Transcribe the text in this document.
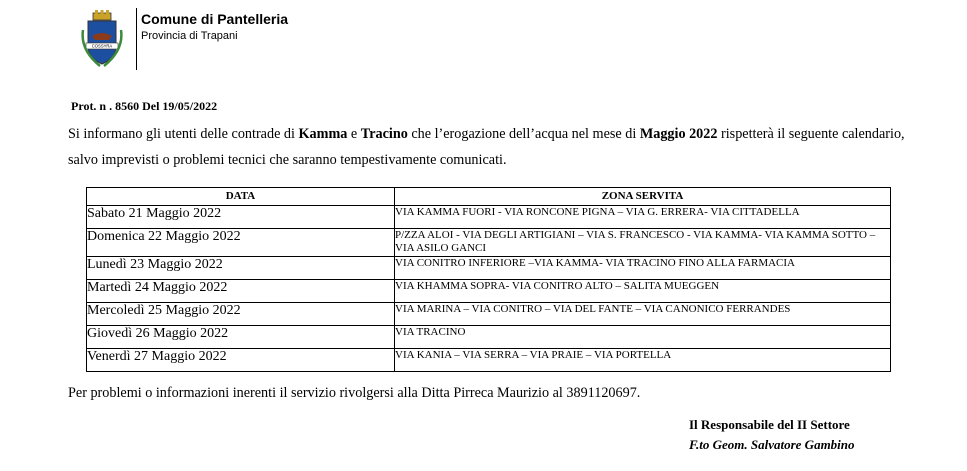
COSSYRA
Comune di Pantelleria
Provincia di Trapani
Prot. n . 8560 Del 19/05/2022
Si informano gli utenti delle contrade di Kamma e Tracino che l’erogazione dell’acqua nel mese di Maggio 2022 rispetterà il seguente calendario, salvo imprevisti o problemi tecnici che saranno tempestivamente comunicati.
DATA	ZONA SERVITA
Sabato 21 Maggio 2022	VIA KAMMA FUORI - VIA RONCONE PIGNA – VIA G. ERRERA- VIA CITTADELLA
Domenica 22 Maggio 2022	P/ZZA ALOI - VIA DEGLI ARTIGIANI – VIA S. FRANCESCO - VIA KAMMA- VIA KAMMA SOTTO – VIA ASILO GANCI
Lunedì 23 Maggio 2022	VIA CONITRO INFERIORE –VIA KAMMA- VIA TRACINO FINO ALLA FARMACIA
Martedì 24 Maggio 2022	VIA KHAMMA SOPRA- VIA CONITRO ALTO – SALITA MUEGGEN
Mercoledì 25 Maggio 2022	VIA MARINA – VIA CONITRO – VIA DEL FANTE – VIA CANONICO FERRANDES
Giovedì 26 Maggio 2022	VIA TRACINO
Venerdì 27 Maggio 2022	VIA KANIA – VIA SERRA – VIA PRAIE – VIA PORTELLA
Per problemi o informazioni inerenti il servizio rivolgersi alla Ditta Pirreca Maurizio al 3891120697.
Il Responsabile del II Settore
F.to Geom. Salvatore Gambino
